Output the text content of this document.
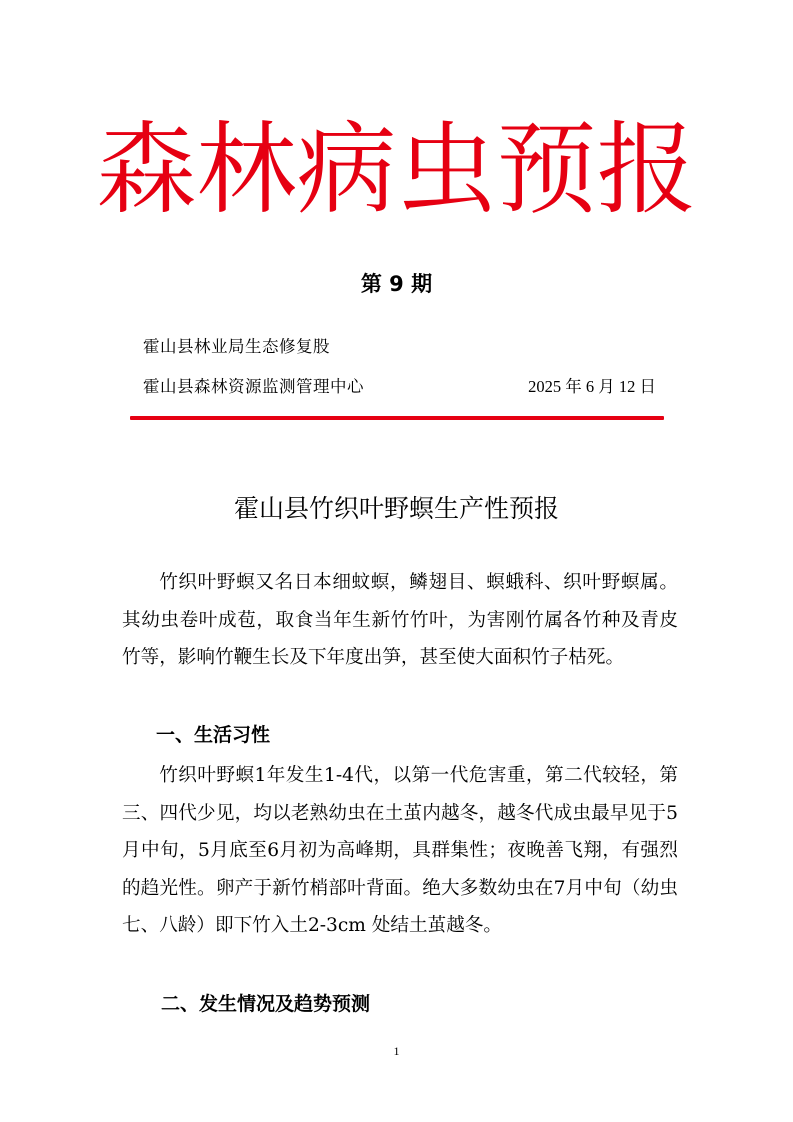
森林病虫预报
第 9 期
霍山县林业局生态修复股
霍山县森林资源监测管理中心	2025 年 6 月 12 日
霍山县竹织叶野螟生产性预报

竹织叶野螟又名日本细蚊螟，鳞翅目、螟蛾科、织叶野螟属。其幼虫卷叶成苞，取食当年生新竹竹叶，为害刚竹属各竹种及青皮竹等，影响竹鞭生长及下年度出笋，甚至使大面积竹子枯死。

一、生活习性

竹织叶野螟1年发生1-4代，以第一代危害重，第二代较轻，第三、四代少见，均以老熟幼虫在土茧内越冬，越冬代成虫最早见于5月中旬，5月底至6月初为高峰期，具群集性；夜晚善飞翔，有强烈的趋光性。卵产于新竹梢部叶背面。绝大多数幼虫在7月中旬（幼虫七、八龄）即下竹入土2-3cm 处结土茧越冬。

二、发生情况及趋势预测
1
